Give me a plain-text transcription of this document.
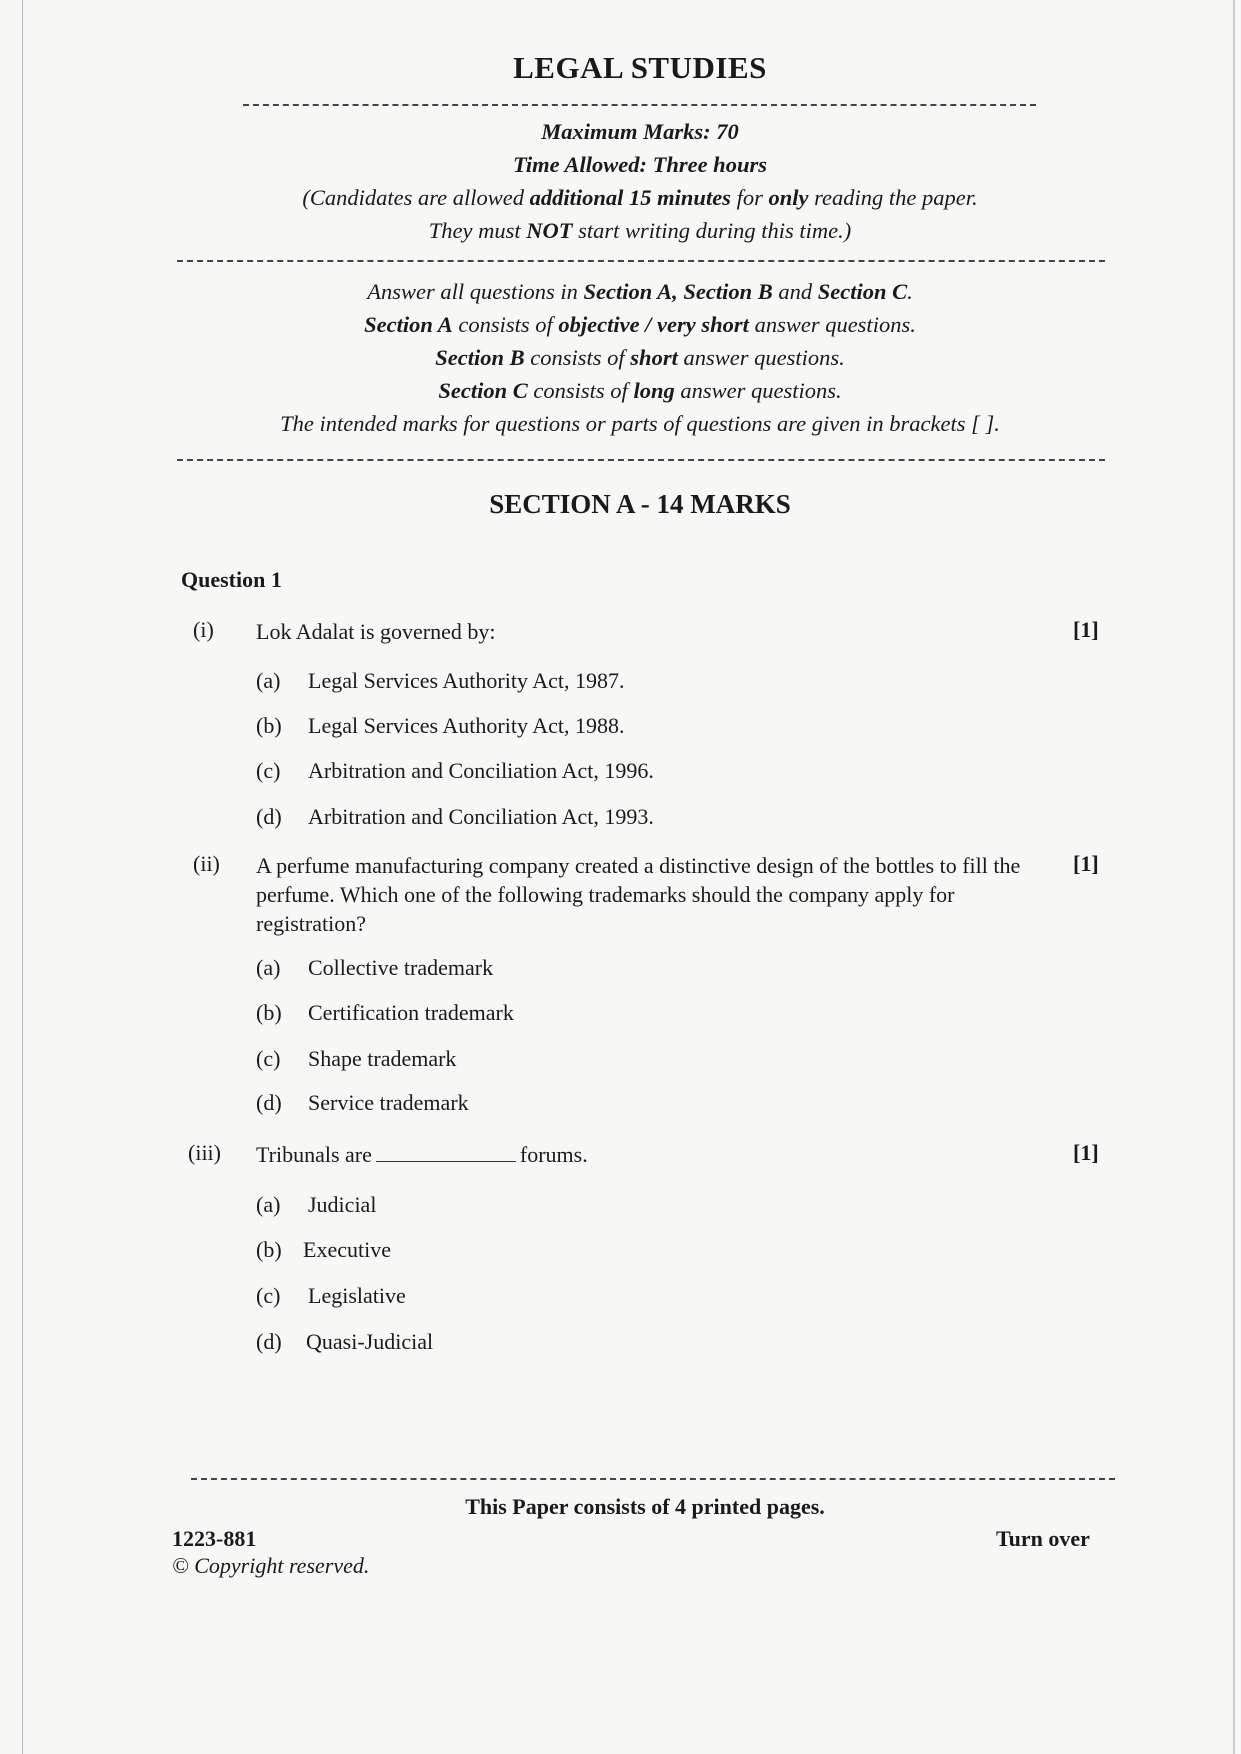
LEGAL STUDIES
Maximum Marks: 70
Time Allowed: Three hours
(Candidates are allowed additional 15 minutes for only reading the paper.
They must NOT start writing during this time.)
Answer all questions in Section A, Section B and Section C.
Section A consists of objective / very short answer questions.
Section B consists of short answer questions.
Section C consists of long answer questions.
The intended marks for questions or parts of questions are given in brackets [ ].
SECTION A - 14 MARKS
Question 1
(i) Lok Adalat is governed by:	[1]
(a) Legal Services Authority Act, 1987.
(b) Legal Services Authority Act, 1988.
(c) Arbitration and Conciliation Act, 1996.
(d) Arbitration and Conciliation Act, 1993.
(ii) A perfume manufacturing company created a distinctive design of the bottles to fill the perfume. Which one of the following trademarks should the company apply for registration?
[1]
(a) Collective trademark
(b) Certification trademark
(c) Shape trademark
(d) Service trademark
(iii) Tribunals are	forums.	[1]
(a) Judicial
(b) Executive
(c) Legislative
(d) Quasi-Judicial
This Paper consists of 4 printed pages.
1223-881	Turn over
© Copyright reserved.
